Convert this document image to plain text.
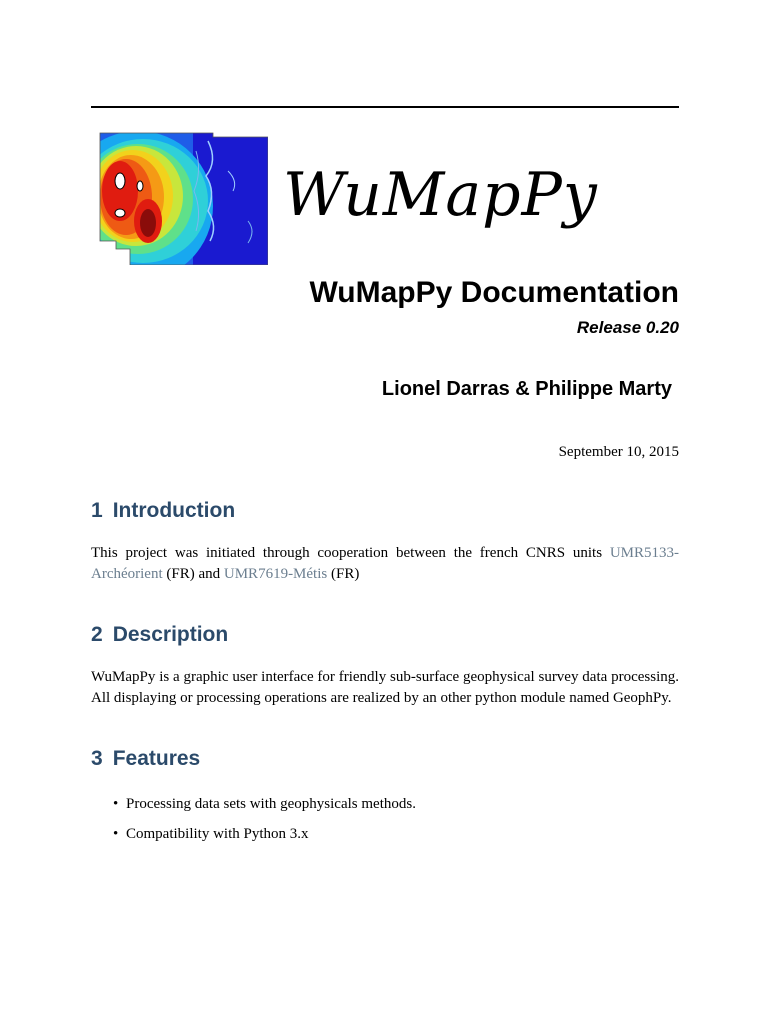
WuMapPy
WuMapPy Documentation
Release 0.20
Lionel Darras & Philippe Marty
September 10, 2015
1 Introduction

This project was initiated through cooperation between the french CNRS units UMR5133-Archéorient (FR) and UMR7619-Métis (FR)

2 Description

WuMapPy is a graphic user interface for friendly sub-surface geophysical survey data processing. All displaying or processing operations are realized by an other python module named GeophPy.

3 Features
• Processing data sets with geophysicals methods.
• Compatibility with Python 3.x
